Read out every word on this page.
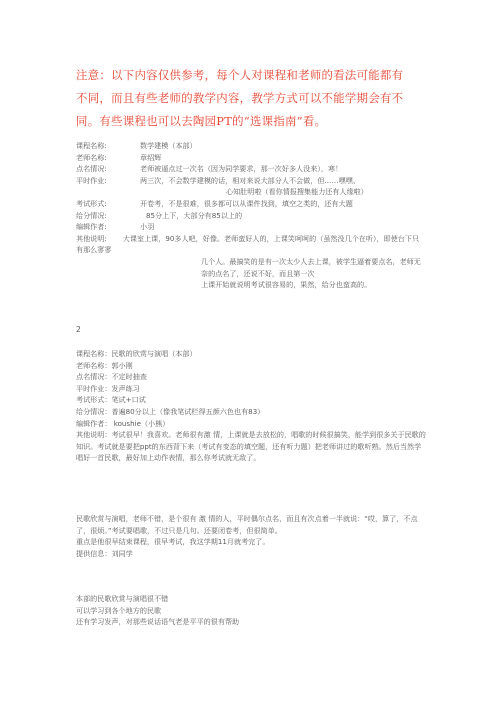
注意：以下内容仅供参考，每个人对课程和老师的看法可能都有
不同，而且有些老师的教学内容，教学方式可以不能学期会有不
同。有些课程也可以去陶园PT的“选课指南”看。
课程名称:	数学建模（本部）
老师名称:	章绍辉
点名情况:	老师被逼点过一次名（因为同学要求，那一次好多人没来），寒！
平时作业:	两三次，不会数学建模的话，相对来说大部分人不会做，但……嘿嘿、
心知肚明啦（看你情报搜集能力还有人缘啦）
考试形式:	开卷考，不是很难，很多都可以从课件找到，填空之类的，还有大题
给分情况:	85分上下，大部分有85以上的
编辑作者:	小羽
其他说明: 大课室上课，90多人吧，好像。老师蛮好人的，上课笑呵呵的（虽然没几个在听），即使台下只有那么寥寥
几个人。最搞笑的是有一次太少人去上课，被学生逼着要点名，老师无奈的点名了，还说不好，而且第一次
上课开始就说明考试很容易的，果然，给分也蛮高的。
2
课程名称：民歌的欣赏与演唱（本部）
老师名称：郭小刚
点名情况：不定时抽查
平时作业：发声练习
考试形式：笔试+口试
给分情况：普遍80分以上（像我笔试栏得五颜六色也有83）
编辑作者： koushie（小熊）
其他说明：考试很早！我喜欢。老师很有激 情，上课就是去放松的，唱歌的时候很搞笑，能学到很多关于民歌的知识。考试就是要把ppt的东西背下来（考试有变态的填空题，还有听力题）把老师讲过的歌听熟。然后当然学唱好一首民歌，最好加上动作表情，那么你考试就无敌了。
民歌欣赏与演唱，老师不错，是个很有 激 情的人，平时偶尔点名，而且有次点着一半就说：“哎，算了，不点了，很烦。”考试要唱歌，不过只是几句。还要闭卷考，但很简单。
重点是他很早结束课程，很早考试，我这学期11月就考完了。
提供信息：刘同学
本部的民歌欣赏与演唱很不错
可以学习到各个地方的民歌
还有学习发声，对那些说话语气老是平平的很有帮助
